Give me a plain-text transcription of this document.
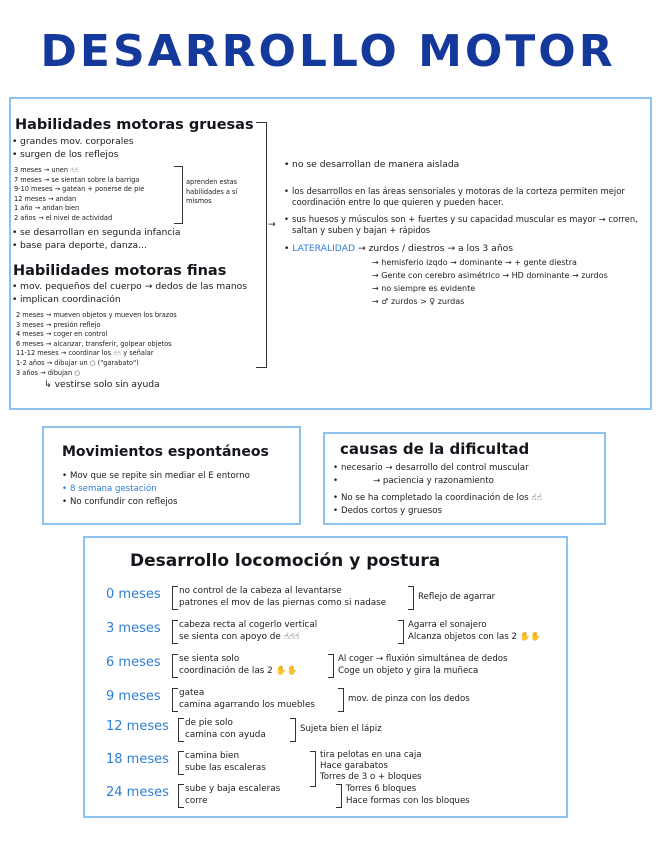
DESARROLLO MOTOR
Habilidades motoras gruesas
• grandes mov. corporales
• surgen de los reflejos
3 meses → unen ☝☝
7 meses → se sientan sobre la barriga
9-10 meses → gatean + ponerse de pie
12 meses → andan
1 año → andan bien
2 años → el nivel de actividad
aprenden estas habilidades a sí mismos
• se desarrollan en segunda infancia
• base para deporte, danza...
Habilidades motoras finas
• mov. pequeños del cuerpo → dedos de las manos
• implican coordinación
2 meses → mueven objetos y mueven los brazos
3 meses → presión reflejo
4 meses → coger en control
6 meses → alcanzar, transferir, golpear objetos
11-12 meses → coordinar los ☝☝ y señalar
1-2 años → dibujar un ○ ("garabato")
3 años → dibujan ○
↳ vestirse solo sin ayuda
→
• no se desarrollan de manera aislada
• los desarrollos en las áreas sensoriales y motoras de la corteza permiten mejor coordinación entre lo que quieren y pueden hacer.
• sus huesos y músculos son + fuertes y su capacidad muscular es mayor → corren, saltan y suben y bajan + rápidos
• LATERALIDAD → zurdos / diestros → a los 3 años
→ hemisferio izqdo → dominante → + gente diestra
→ Gente con cerebro asimétrico → HD dominante → zurdos
→ no siempre es evidente
→ ♂ zurdos > ♀ zurdas
Movimientos espontáneos
• Mov que se repite sin mediar el E entorno
• 8 semana gestación
• No confundir con reflejos
causas de la dificultad
• necesario → desarrollo del control muscular
• → paciencia y razonamiento
• No se ha completado la coordinación de los ☝☝
• Dedos cortos y gruesos
Desarrollo locomoción y postura
0 meses no control de la cabeza al levantarse
patrones el mov de las piernas como si nadase
Reflejo de agarrar
3 meses cabeza recta al cogerlo vertical
se sienta con apoyo de ☝☝☝
Agarra el sonajero
Alcanza objetos con las 2 ✋✋
6 meses se sienta solo
coordinación de las 2 ✋✋
Al coger → fluxión simultánea de dedos
Coge un objeto y gira la muñeca
9 meses gatea
camina agarrando los muebles
mov. de pinza con los dedos
12 meses de pie solo
camina con ayuda
Sujeta bien el lápiz
18 meses camina bien
sube las escaleras
tira pelotas en una caja
Hace garabatos
Torres de 3 o + bloques
24 meses sube y baja escaleras
corre
Torres 6 bloques
Hace formas con los bloques
